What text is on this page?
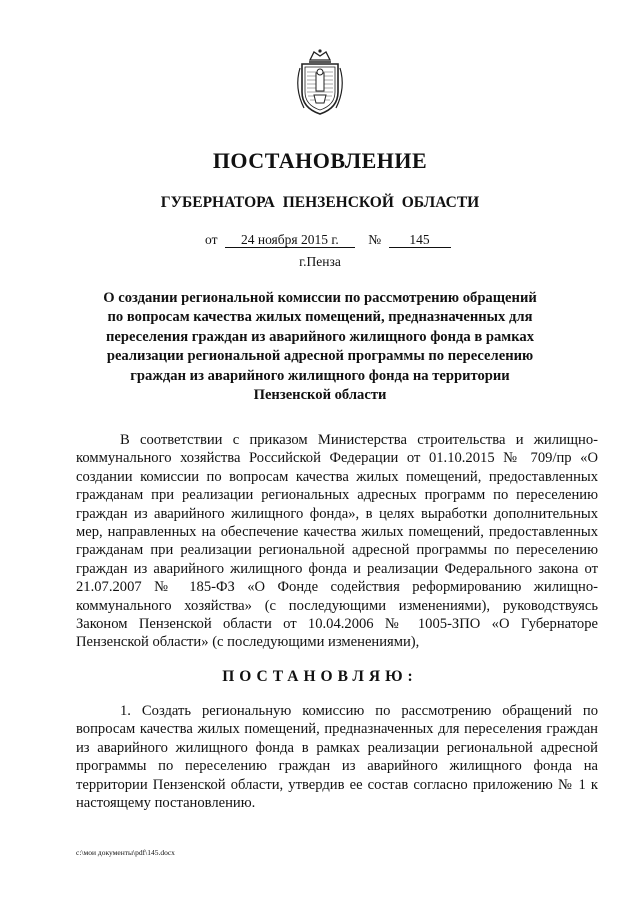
ПОСТАНОВЛЕНИЕ
ГУБЕРНАТОРА ПЕНЗЕНСКОЙ ОБЛАСТИ
от 24 ноября 2015 г. № 145
г.Пенза
О создании региональной комиссии по рассмотрению обращений по вопросам качества жилых помещений, предназначенных для переселения граждан из аварийного жилищного фонда в рамках реализации региональной адресной программы по переселению граждан из аварийного жилищного фонда на территории Пензенской области
В соответствии с приказом Министерства строительства и жилищно-коммунального хозяйства Российской Федерации от 01.10.2015 № 709/пр «О создании комиссии по вопросам качества жилых помещений, предоставленных гражданам при реализации региональных адресных программ по переселению граждан из аварийного жилищного фонда», в целях выработки дополнительных мер, направленных на обеспечение качества жилых помещений, предоставленных гражданам при реализации региональной адресной программы по переселению граждан из аварийного жилищного фонда и реализации Федерального закона от 21.07.2007 № 185-ФЗ «О Фонде содействия реформированию жилищно-коммунального хозяйства» (с последующими изменениями), руководствуясь Законом Пензенской области от 10.04.2006 № 1005-ЗПО «О Губернаторе Пензенской области» (с последующими изменениями),
ПОСТАНОВЛЯЮ:
1. Создать региональную комиссию по рассмотрению обращений по вопросам качества жилых помещений, предназначенных для переселения граждан из аварийного жилищного фонда в рамках реализации региональной адресной программы по переселению граждан из аварийного жилищного фонда на территории Пензенской области, утвердив ее состав согласно приложению № 1 к настоящему постановлению.
c:\мои документы\pdf\145.docx
